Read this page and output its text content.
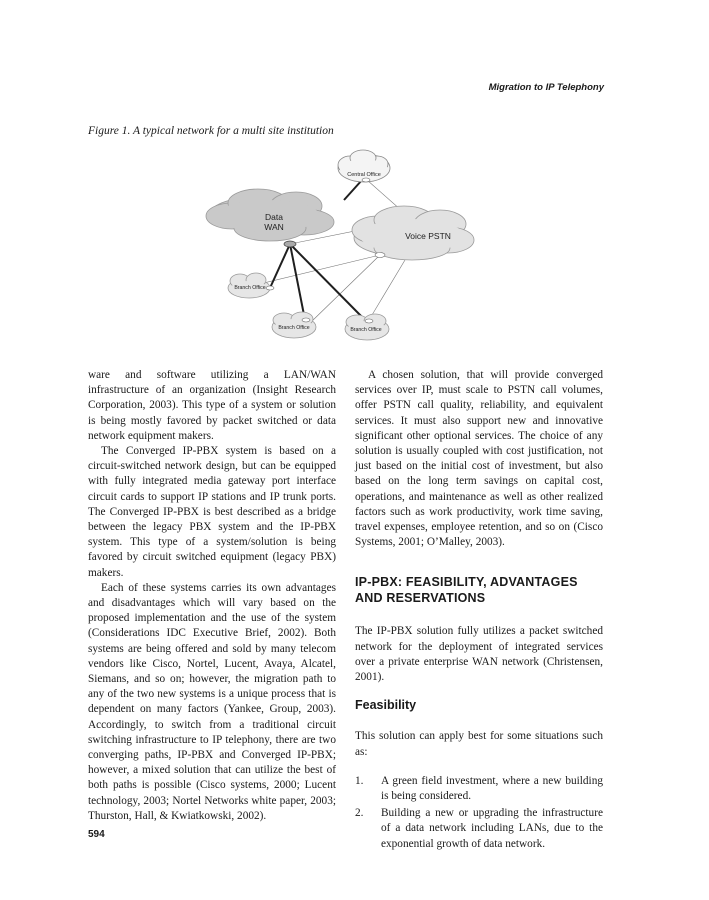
Migration to IP Telephony
Figure 1. A typical network for a multi site institution
Central Office
Data
WAN
Voice PSTN
Branch Office
Branch Office	Branch Office

ware and software utilizing a LAN/WAN infrastructure of an organization (Insight Research Corporation, 2003). This type of a system or solution is being mostly favored by packet switched or data network equipment makers.

The Converged IP-PBX system is based on a circuit-switched network design, but can be equipped with fully integrated media gateway port interface circuit cards to support IP stations and IP trunk ports. The Converged IP-PBX is best described as a bridge between the legacy PBX system and the IP-PBX system. This type of a system/solution is being favored by circuit switched equipment (legacy PBX) makers.

Each of these systems carries its own advantages and disadvantages which will vary based on the proposed implementation and the use of the system (Considerations IDC Executive Brief, 2002). Both systems are being offered and sold by many telecom vendors like Cisco, Nortel, Lucent, Avaya, Alcatel, Siemans, and so on; however, the migration path to any of the two new systems is a unique process that is dependent on many factors (Yankee, Group, 2003). Accordingly, to switch from a traditional circuit switching infrastructure to IP telephony, there are two converging paths, IP-PBX and Converged IP-PBX; however, a mixed solution that can utilize the best of both paths is possible (Cisco systems, 2000; Lucent technology, 2003; Nortel Networks white paper, 2003; Thurston, Hall, & Kwiatkowski, 2002).

A chosen solution, that will provide converged services over IP, must scale to PSTN call volumes, offer PSTN call quality, reliability, and equivalent services. It must also support new and innovative significant other optional services. The choice of any solution is usually coupled with cost justification, not just based on the initial cost of investment, but also based on the long term savings on capital cost, operations, and maintenance as well as other realized factors such as work productivity, work time saving, travel expenses, employee retention, and so on (Cisco Systems, 2001; O’Malley, 2003).

IP-PBX: FEASIBILITY, ADVANTAGES AND RESERVATIONS

The IP-PBX solution fully utilizes a packet switched network for the deployment of integrated services over a private enterprise WAN network (Christensen, 2001).

Feasibility

This solution can apply best for some situations such as:

1.	A green field investment, where a new building is being considered.
2.	Building a new or upgrading the infrastructure of a data network including LANs, due to the exponential growth of data network.
594
